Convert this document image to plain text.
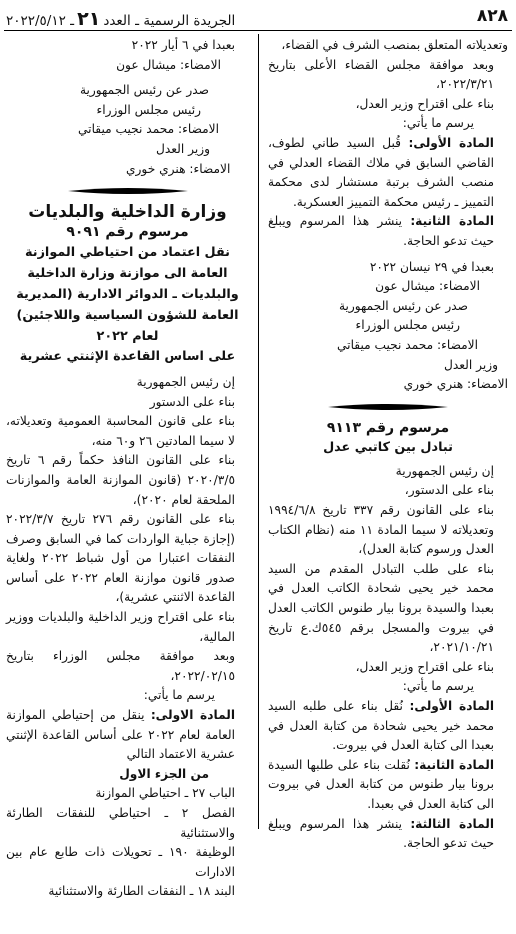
٨٢٨
الجريدة الرسمية ـ العدد٢١ـ ٢٠٢٢/٥/١٢

وتعديلاته المتعلق بمنصب الشرف في القضاء،

وبعد موافقة مجلس القضاء الأعلى بتاريخ ٢٠٢٢/٣/٢١،

بناء على اقتراح وزير العدل،

يرسم ما يأتي:

المادة الأولى: قُبل السيد طاني لطوف، القاضي السابق في ملاك القضاء العدلي في منصب الشرف برتبة مستشار لدى محكمة التمييز ـ رئيس محكمة التمييز العسكرية.

المادة الثانية: ينشر هذا المرسوم ويبلغ حيث تدعو الحاجة.

بعبدا في ٢٩ نيسان ٢٠٢٢

الامضاء: ميشال عون

صدر عن رئيس الجمهورية

رئيس مجلس الوزراء

الامضاء: محمد نجيب ميقاتي

وزير العدل

الامضاء: هنري خوري

مرسوم رقم ٩١١٣

تبادل بين كاتبي عدل

إن رئيس الجمهورية

بناء على الدستور،

بناء على القانون رقم ٣٣٧ تاريخ ١٩٩٤/٦/٨ وتعديلاته لا سيما المادة ١١ منه (نظام الكتاب العدل ورسوم كتابة العدل)،

بناء على طلب التبادل المقدم من السيد محمد خير يحيى شحادة الكاتب العدل في بعبدا والسيدة برونا بيار طنوس الكاتب العدل في بيروت والمسجل برقم ٥٤٥ك.ع تاريخ ٢٠٢١/١٠/٢١،

بناء على اقتراح وزير العدل،

يرسم ما يأتي:

المادة الأولى: نُقل بناء على طلبه السيد محمد خير يحيى شحادة من كتابة العدل في بعبدا الى كتابة العدل في بيروت.

المادة الثانية: نُقلت بناء على طلبها السيدة برونا بيار طنوس من كتابة العدل في بيروت الى كتابة العدل في بعبدا.

المادة الثالثة: ينشر هذا المرسوم ويبلغ حيث تدعو الحاجة.

بعبدا في ٦ أيار ٢٠٢٢

الامضاء: ميشال عون

صدر عن رئيس الجمهورية

رئيس مجلس الوزراء

الامضاء: محمد نجيب ميقاتي

وزير العدل

الامضاء: هنري خوري

وزارة الداخلية والبلديات

مرسوم رقم ٩٠٩١

نقل اعتماد من احتياطي الموازنة العامة الى موازنة وزارة الداخلية والبلديات ـ الدوائر الادارية (المديرية العامة للشؤون السياسية واللاجئين) لعام ٢٠٢٢

على اساس القاعدة الإثنتي عشرية

إن رئيس الجمهورية

بناء على الدستور

بناء على قانون المحاسبة العمومية وتعديلاته، لا سيما المادتين ٢٦ و٦٠ منه،

بناء على القانون النافذ حكماً رقم ٦ تاريخ ٢٠٢٠/٣/٥ (قانون الموازنة العامة والموازنات الملحقة لعام ٢٠٢٠)،

بناء على القانون رقم ٢٧٦ تاريخ ٢٠٢٢/٣/٧ (إجازة جباية الواردات كما في السابق وصرف النفقات اعتبارا من أول شباط ٢٠٢٢ ولغاية صدور قانون موازنة العام ٢٠٢٢ على أساس القاعدة الاثنتي عشرية)،

بناء على اقتراح وزير الداخلية والبلديات ووزير المالية،

وبعد موافقة مجلس الوزراء بتاريخ ٢٠٢٢/٠٢/١٥،

يرسم ما يأتي:

المادة الاولى: ينقل من إحتياطي الموازنة العامة لعام ٢٠٢٢ على أساس القاعدة الإثنتي عشرية الاعتماد التالي

من الجزء الاول

الباب ٢٧ ـ احتياطي الموازنة

الفصل ٢ ـ احتياطي للنفقات الطارئة والاستثنائية

الوظيفة ١٩٠ ـ تحويلات ذات طابع عام بين الادارات

البند ١٨ ـ النفقات الطارئة والاستثنائية
